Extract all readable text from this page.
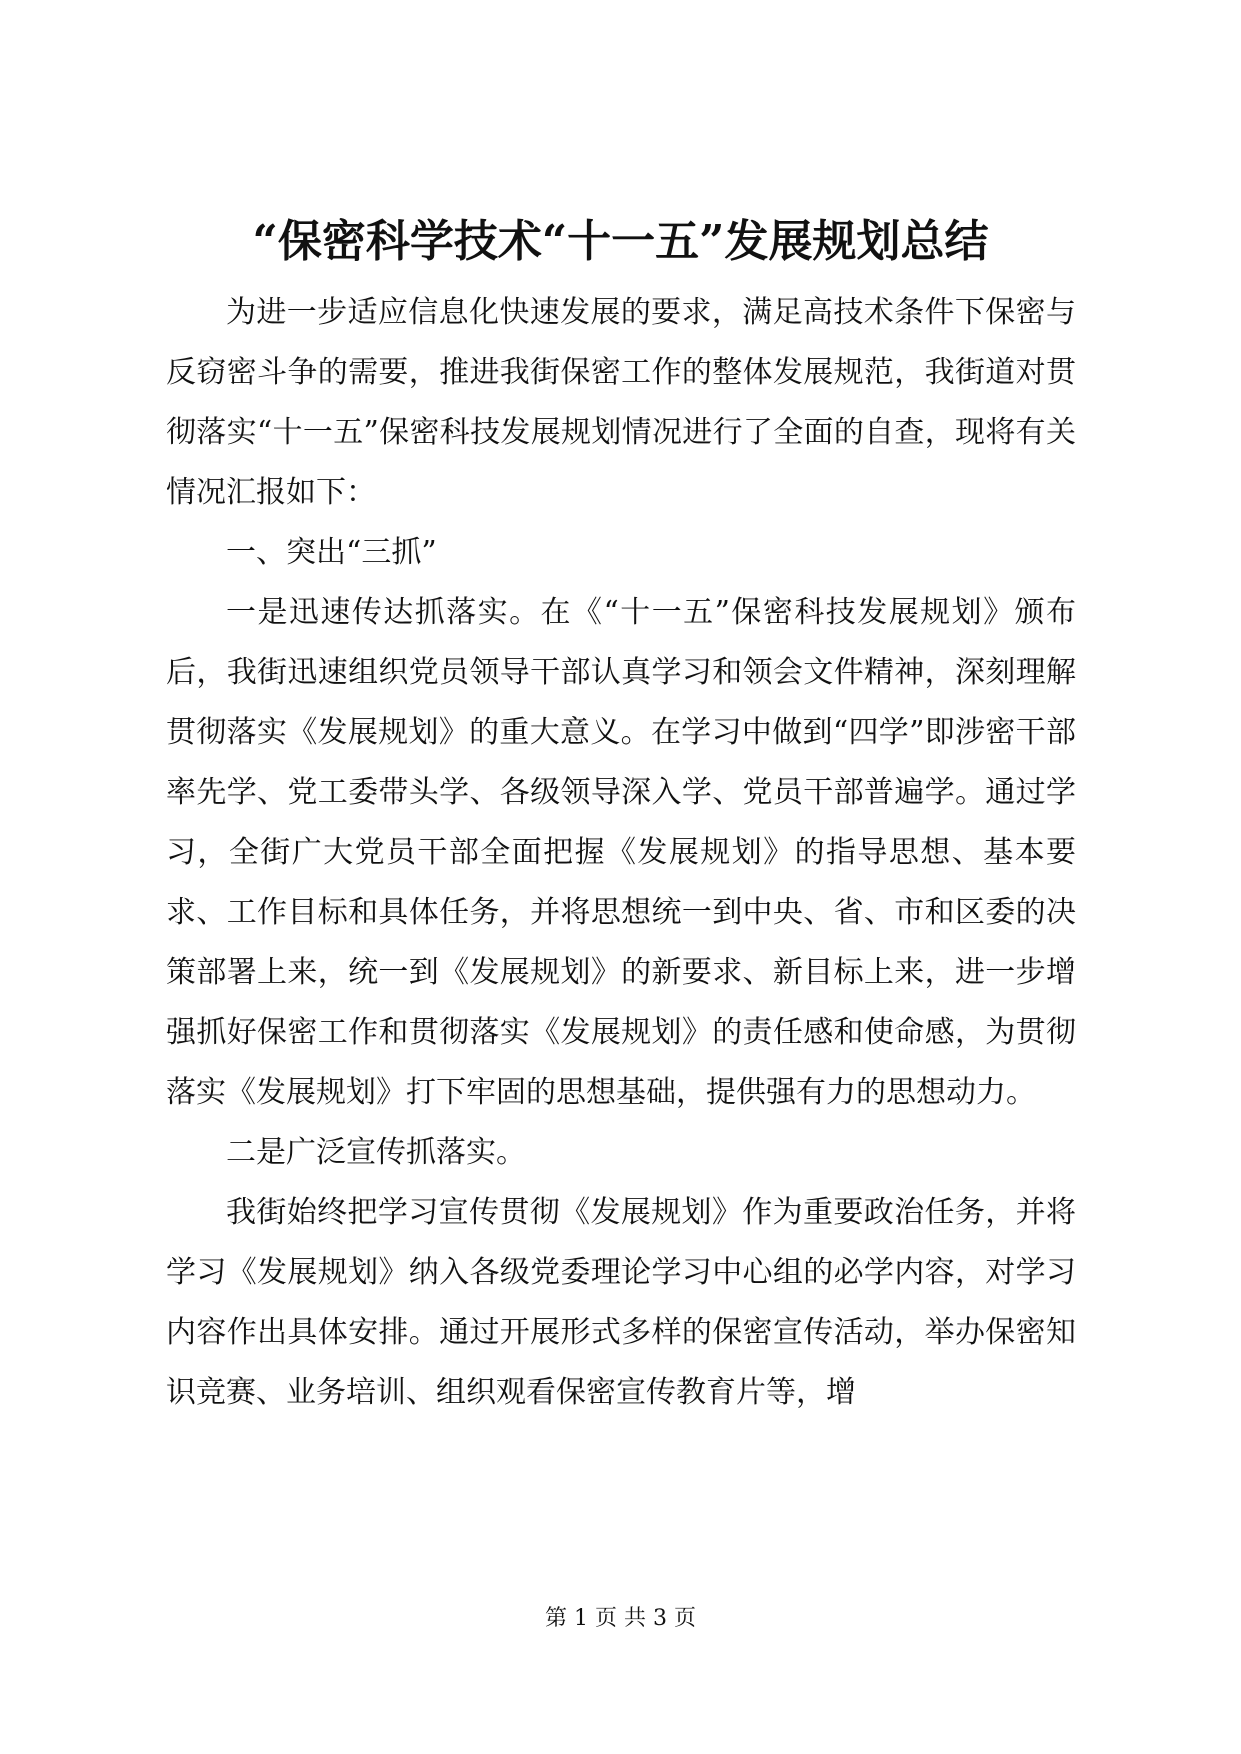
“保密科学技术“十一五”发展规划总结

为进一步适应信息化快速发展的要求，满足高技术条件下保密与反窃密斗争的需要，推进我街保密工作的整体发展规范，我街道对贯彻落实“十一五”保密科技发展规划情况进行了全面的自查，现将有关情况汇报如下：

一、突出“三抓”

一是迅速传达抓落实。在《“十一五”保密科技发展规划》颁布后，我街迅速组织党员领导干部认真学习和领会文件精神，深刻理解贯彻落实《发展规划》的重大意义。在学习中做到“四学”即涉密干部率先学、党工委带头学、各级领导深入学、党员干部普遍学。通过学习，全街广大党员干部全面把握《发展规划》的指导思想、基本要求、工作目标和具体任务，并将思想统一到中央、省、市和区委的决策部署上来，统一到《发展规划》的新要求、新目标上来，进一步增强抓好保密工作和贯彻落实《发展规划》的责任感和使命感，为贯彻落实《发展规划》打下牢固的思想基础，提供强有力的思想动力。

二是广泛宣传抓落实。

我街始终把学习宣传贯彻《发展规划》作为重要政治任务，并将学习《发展规划》纳入各级党委理论学习中心组的必学内容，对学习内容作出具体安排。通过开展形式多样的保密宣传活动，举办保密知识竞赛、业务培训、组织观看保密宣传教育片等，增

第 1 页 共 3 页
